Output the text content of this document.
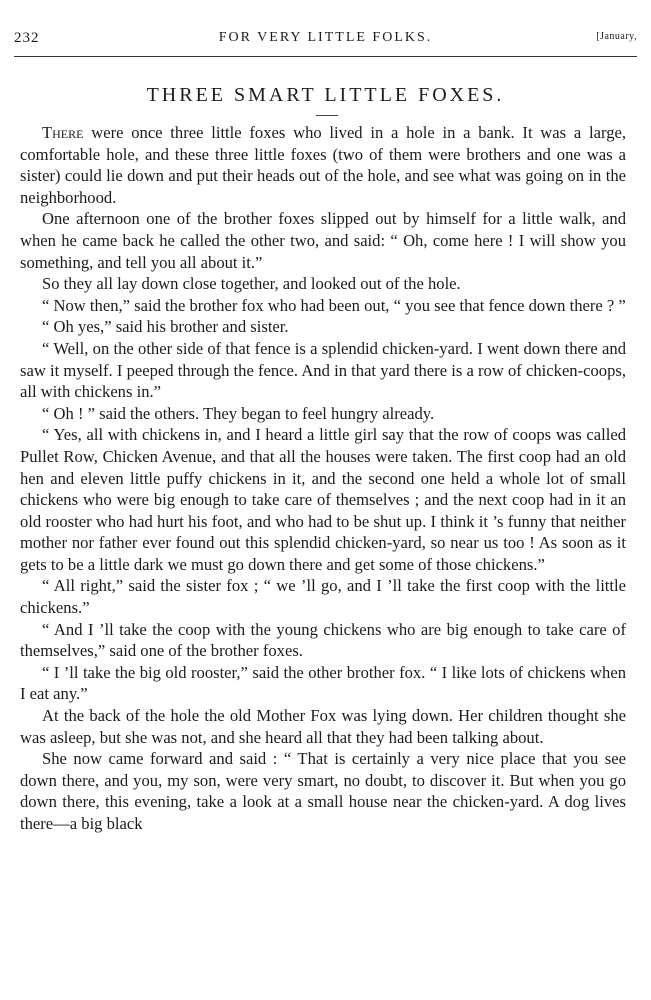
232	FOR VERY LITTLE FOLKS.	[January,
THREE SMART LITTLE FOXES.

There were once three little foxes who lived in a hole in a bank. It was a large, comfortable hole, and these three little foxes (two of them were brothers and one was a sister) could lie down and put their heads out of the hole, and see what was going on in the neighborhood.

One afternoon one of the brother foxes slipped out by himself for a little walk, and when he came back he called the other two, and said: “ Oh, come here ! I will show you something, and tell you all about it.”

So they all lay down close together, and looked out of the hole.

“ Now then,” said the brother fox who had been out, “ you see that fence down there ? ”

“ Oh yes,” said his brother and sister.

“ Well, on the other side of that fence is a splendid chicken-yard. I went down there and saw it myself. I peeped through the fence. And in that yard there is a row of chicken-coops, all with chickens in.”

“ Oh ! ” said the others. They began to feel hungry already.

“ Yes, all with chickens in, and I heard a little girl say that the row of coops was called Pullet Row, Chicken Avenue, and that all the houses were taken. The first coop had an old hen and eleven little puffy chickens in it, and the second one held a whole lot of small chickens who were big enough to take care of themselves ; and the next coop had in it an old rooster who had hurt his foot, and who had to be shut up. I think it ’s funny that neither mother nor father ever found out this splendid chicken-yard, so near us too ! As soon as it gets to be a little dark we must go down there and get some of those chickens.”

“ All right,” said the sister fox ; “ we ’ll go, and I ’ll take the first coop with the little chickens.”

“ And I ’ll take the coop with the young chickens who are big enough to take care of themselves,” said one of the brother foxes.

“ I ’ll take the big old rooster,” said the other brother fox. “ I like lots of chickens when I eat any.”

At the back of the hole the old Mother Fox was lying down. Her children thought she was asleep, but she was not, and she heard all that they had been talking about.

She now came forward and said : “ That is certainly a very nice place that you see down there, and you, my son, were very smart, no doubt, to discover it. But when you go down there, this evening, take a look at a small house near the chicken-yard. A dog lives there—a big black
